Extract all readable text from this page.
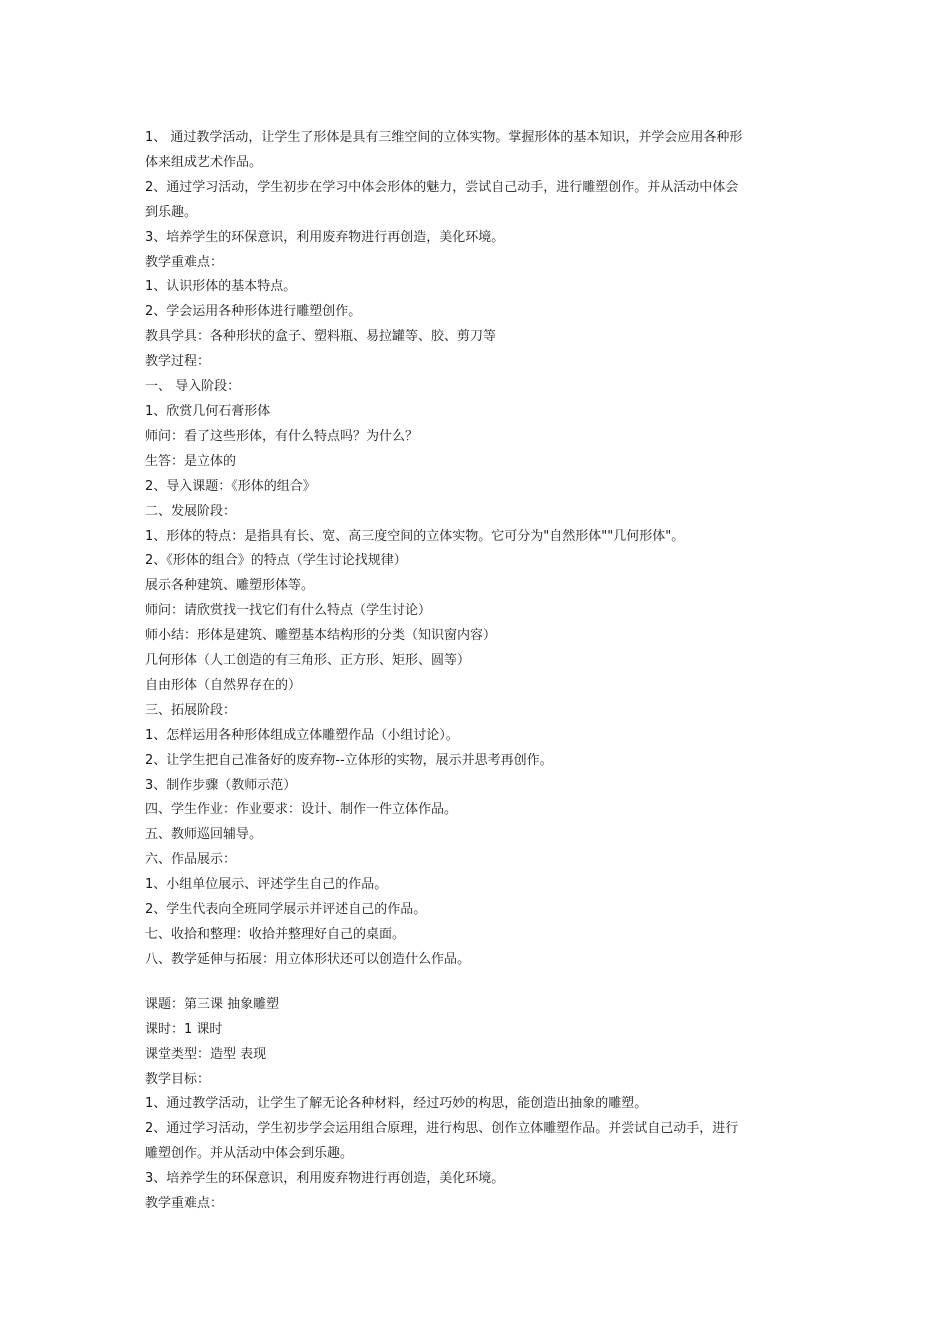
1、 通过教学活动，让学生了形体是具有三维空间的立体实物。掌握形体的基本知识，并学会应用各种形

体来组成艺术作品。

2、通过学习活动，学生初步在学习中体会形体的魅力，尝试自己动手，进行雕塑创作。并从活动中体会

到乐趣。

3、培养学生的环保意识，利用废弃物进行再创造，美化环境。

教学重难点：

1、认识形体的基本特点。

2、学会运用各种形体进行雕塑创作。

教具学具：各种形状的盒子、塑料瓶、易拉罐等、胶、剪刀等

教学过程：

一、 导入阶段：

1、欣赏几何石膏形体

师问：看了这些形体，有什么特点吗？为什么？

生答：是立体的

2、导入课题：《形体的组合》

二、发展阶段：

1、形体的特点：是指具有长、宽、高三度空间的立体实物。它可分为"自然形体""几何形体"。

2、《形体的组合》的特点（学生讨论找规律）

展示各种建筑、雕塑形体等。

师问：请欣赏找一找它们有什么特点（学生讨论）

师小结：形体是建筑、雕塑基本结构形的分类（知识窗内容）

几何形体（人工创造的有三角形、正方形、矩形、圆等）

自由形体（自然界存在的）

三、拓展阶段：

1、怎样运用各种形体组成立体雕塑作品（小组讨论）。

2、让学生把自己准备好的废弃物--立体形的实物，展示并思考再创作。

3、制作步骤（教师示范）

四、学生作业：作业要求：设计、制作一件立体作品。

五、教师巡回辅导。

六、作品展示：

1、小组单位展示、评述学生自己的作品。

2、学生代表向全班同学展示并评述自己的作品。

七、收拾和整理：收拾并整理好自己的桌面。

八、教学延伸与拓展：用立体形状还可以创造什么作品。

课题：第三课 抽象雕塑

课时：1 课时

课堂类型：造型 表现

教学目标：

1、通过教学活动，让学生了解无论各种材料，经过巧妙的构思，能创造出抽象的雕塑。

2、通过学习活动，学生初步学会运用组合原理，进行构思、创作立体雕塑作品。并尝试自己动手，进行

雕塑创作。并从活动中体会到乐趣。

3、培养学生的环保意识，利用废弃物进行再创造，美化环境。

教学重难点：
